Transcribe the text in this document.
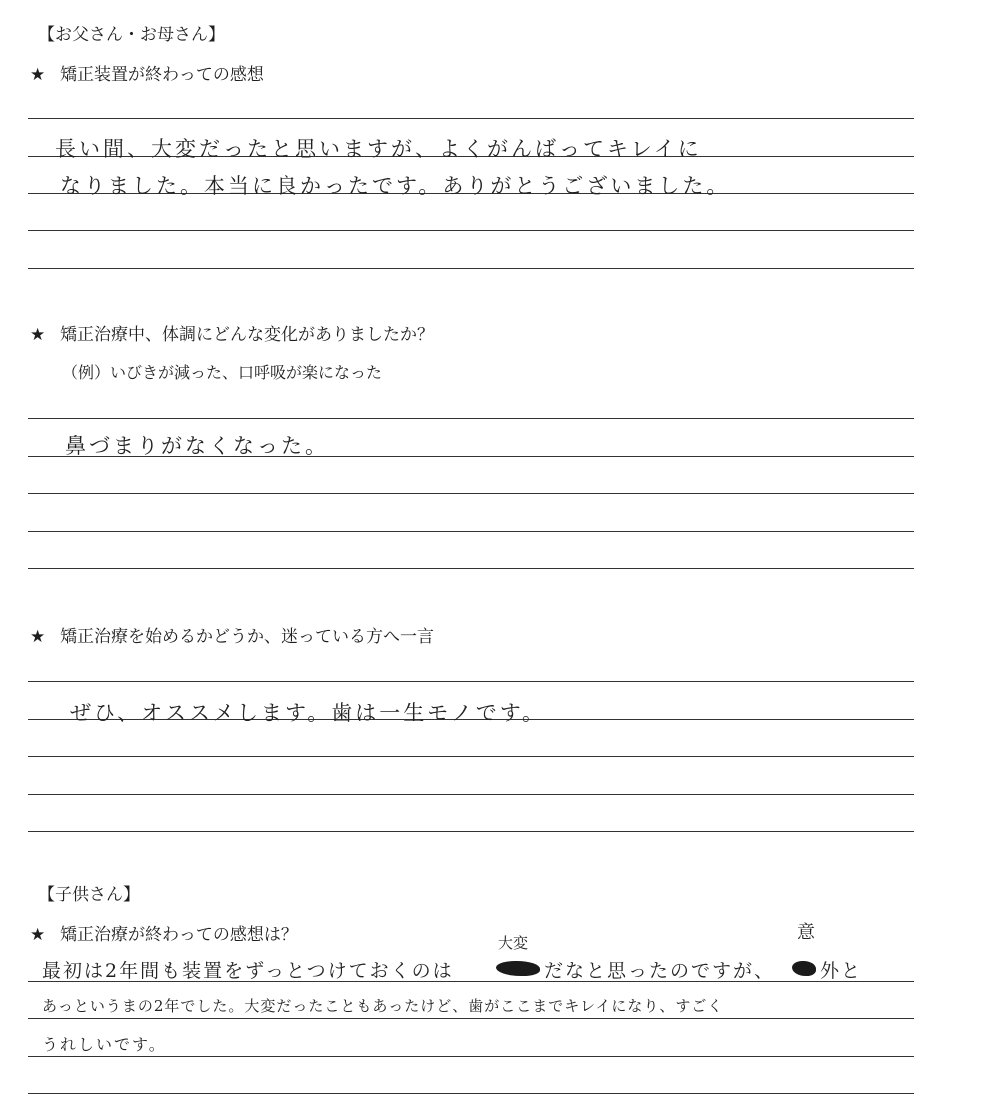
【お父さん・お母さん】
★ 矯正装置が終わっての感想
長い間、大変だったと思いますが、よくがんばってキレイに
なりました。本当に良かったです。ありがとうございました。
★ 矯正治療中、体調にどんな変化がありましたか？
（例）いびきが減った、口呼吸が楽になった
鼻づまりがなくなった。
★ 矯正治療を始めるかどうか、迷っている方へ一言
ぜひ、オススメします。歯は一生モノです。
【子供さん】
★ 矯正治療が終わっての感想は？	大変	意
最初は2年間も装置をずっとつけておくのは	だなと思ったのですが、 外と
あっというまの2年でした。大変だったこともあったけど、歯がここまでキレイになり、すごく
うれしいです。
